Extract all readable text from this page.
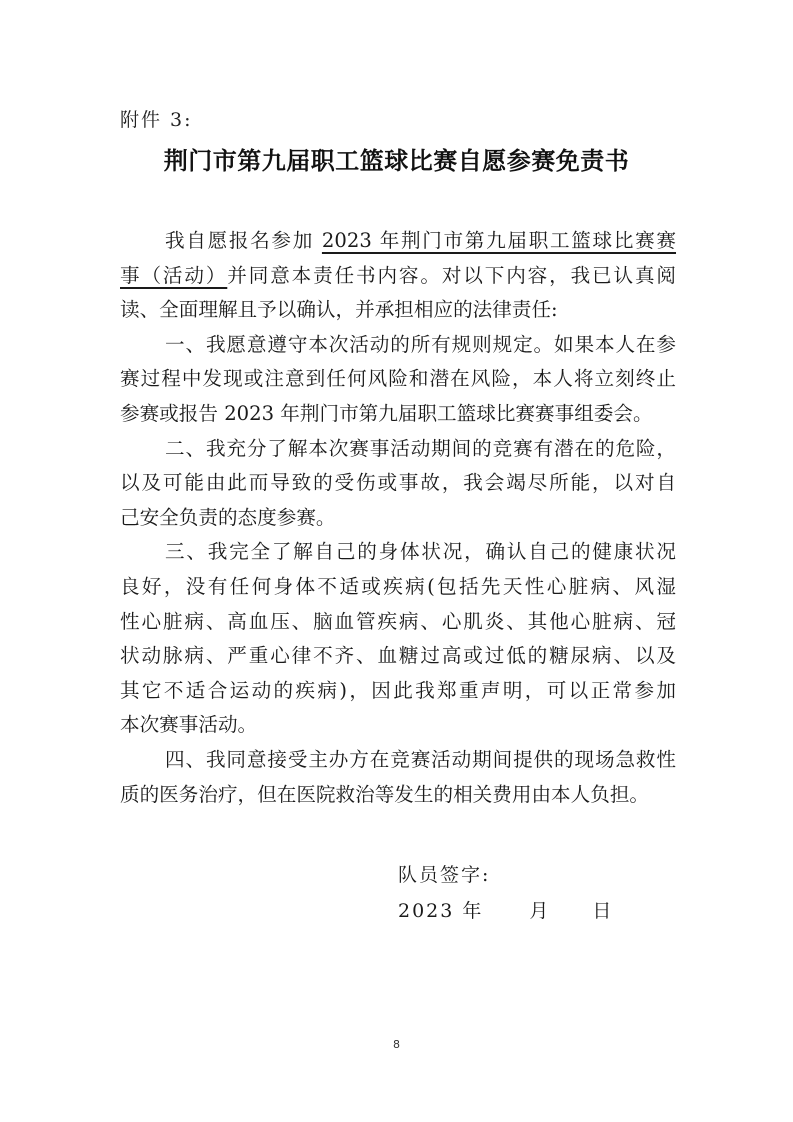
附件 3:
荆门市第九届职工篮球比赛自愿参赛免责书
我自愿报名参加 2023 年荆门市第九届职工篮球比赛赛
事（活动）并同意本责任书内容。对以下内容，我已认真阅
读、全面理解且予以确认，并承担相应的法律责任:
一、我愿意遵守本次活动的所有规则规定。如果本人在参
赛过程中发现或注意到任何风险和潜在风险，本人将立刻终止
参赛或报告 2023 年荆门市第九届职工篮球比赛赛事组委会。
二、我充分了解本次赛事活动期间的竞赛有潜在的危险，
以及可能由此而导致的受伤或事故，我会竭尽所能，以对自
己安全负责的态度参赛。
三、我完全了解自己的身体状况，确认自己的健康状况
良好，没有任何身体不适或疾病(包括先天性心脏病、风湿
性心脏病、高血压、脑血管疾病、心肌炎、其他心脏病、冠
状动脉病、严重心律不齐、血糖过高或过低的糖尿病、以及
其它不适合运动的疾病)，因此我郑重声明，可以正常参加
本次赛事活动。
四、我同意接受主办方在竞赛活动期间提供的现场急救性
质的医务治疗，但在医院救治等发生的相关费用由本人负担。
队员签字:
2023 年 月 日
8
